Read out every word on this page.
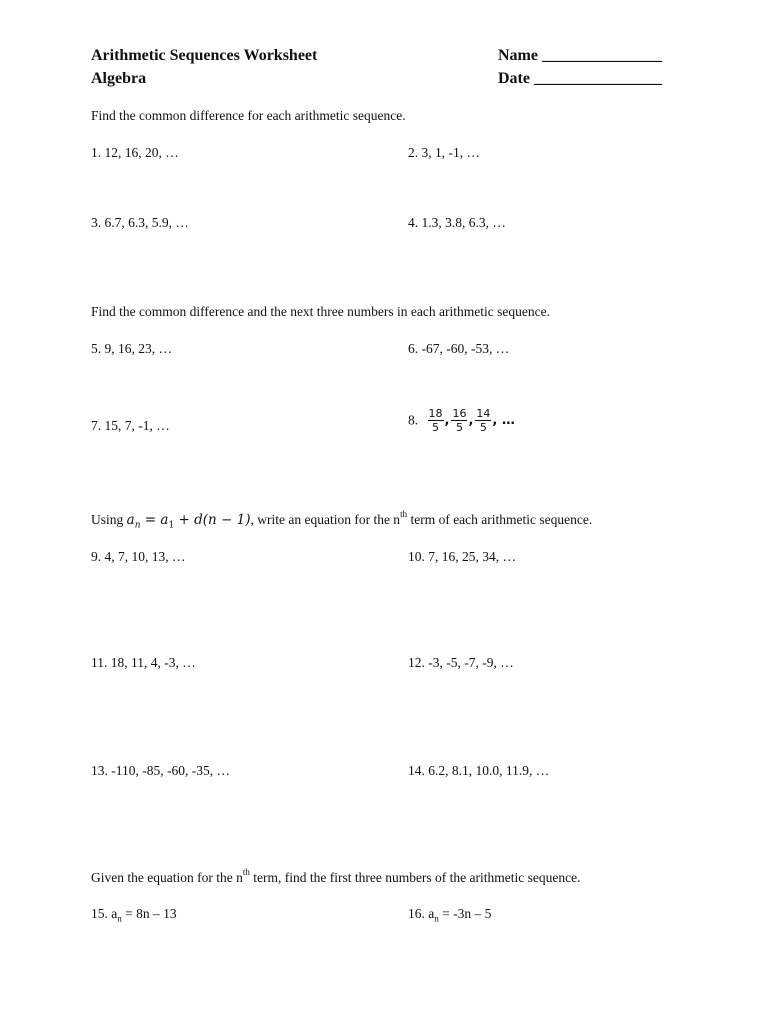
Arithmetic Sequences Worksheet
Algebra
Name _______________
Date ________________
Find the common difference for each arithmetic sequence.
1. 12, 16, 20, …	2. 3, 1, -1, …
3. 6.7, 6.3, 5.9, …	4. 1.3, 3.8, 6.3, …
Find the common difference and the next three numbers in each arithmetic sequence.
5. 9, 16, 23, …	6. -67, -60, -53, …
7. 15, 7, -1, …	8. $\frac{18}{5}$ , $\frac{16}{5}$ , $\frac{14}{5}$ , …
Using $a_n = a_1 + d(n - 1)$, write an equation for the $n^{th}$ term of each arithmetic sequence.
9. 4, 7, 10, 13, …	10. 7, 16, 25, 34, …
11. 18, 11, 4, -3, …	12. -3, -5, -7, -9, …
13. -110, -85, -60, -35, …	14. 6.2, 8.1, 10.0, 11.9, …
Given the equation for the $n^{th}$ term, find the first three numbers of the arithmetic sequence.
15. $a_n = 8n - 13$	16. $a_n = -3n - 5$
